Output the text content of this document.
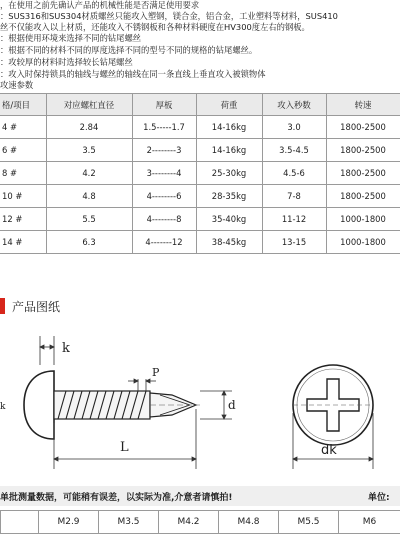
，在使用之前先确认产品的机械性能是否满足使用要求
：SUS316和SUS304材质螺丝只能攻入塑钢，镁合金，铝合金，工业塑料等材料，SUS410
丝不仅能攻入以上材质，还能攻入不锈钢板和各种材料硬度在HV300度左右的钢板。
：根据使用环境来选择不同的钻尾螺丝
：根据不同的材料不同的厚度选择不同的型号不同的规格的钻尾螺丝。
：攻较厚的材料时选择较长钻尾螺丝
：攻入时保持锁具的轴线与螺丝的轴线在同一条直线上垂直攻入被锁物体
攻速参数
格/项目	对应螺杠直径	厚板	荷重	攻入秒数	转速
4 #	2.84	1.5-----1.7	14-16kg	3.0	1800-2500
6 #	3.5	2--------3	14-16kg	3.5-4.5	1800-2500
8 #	4.2	3--------4	25-30kg	4.5-6	1800-2500
10 #	4.8	4--------6	28-35kg	7-8	1800-2500
12 #	5.5	4--------8	35-40kg	11-12	1000-1800
14 #	6.3	4-------12	38-45kg	13-15	1000-1800
产品图纸
k
k
P
d
L	dk
单批测量数据，可能稍有误差，以实际为准,介意者请慎拍!	单位:
	M2.9	M3.5	M4.2	M4.8	M5.5	M6
